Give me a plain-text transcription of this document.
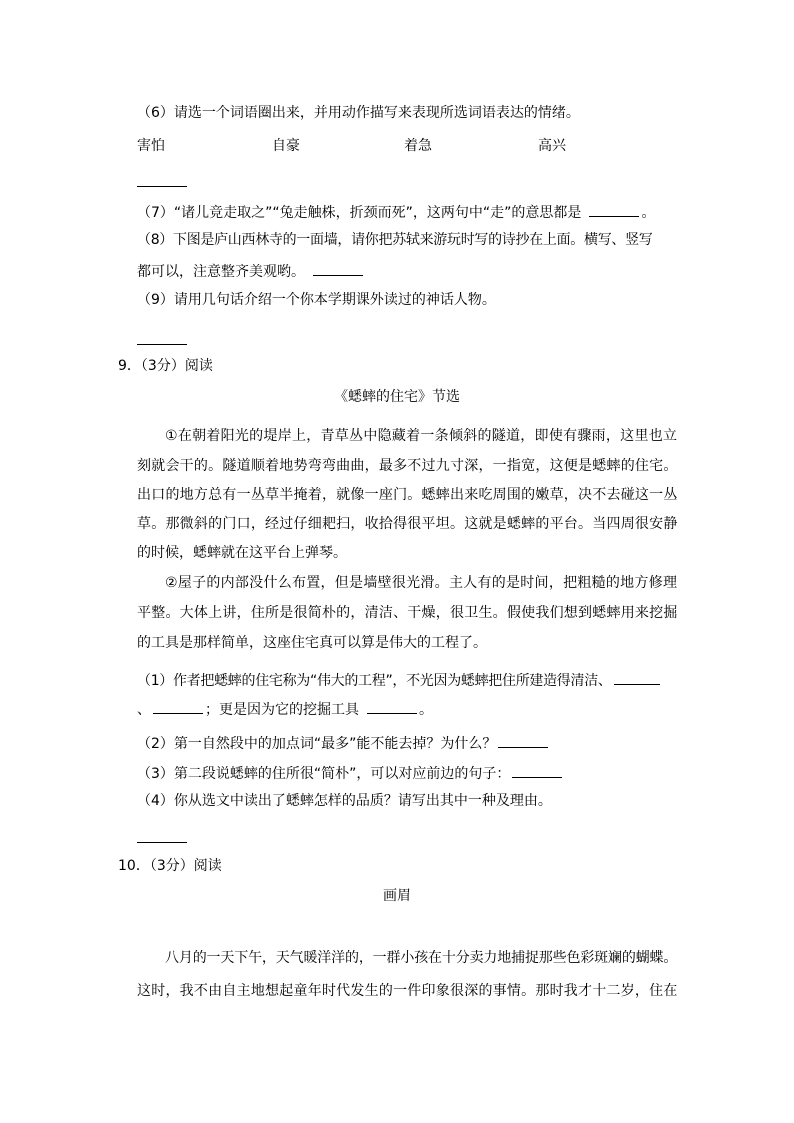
（6）请选一个词语圈出来，并用动作描写来表现所选词语表达的情绪。
害怕	自豪	着急	高兴
（7）“诸儿竞走取之”“兔走触株，折颈而死”，这两句中“走”的意思都是	。
（8）下图是庐山西林寺的一面墙，请你把苏轼来游玩时写的诗抄在上面。横写、竖写
都可以，注意整齐美观哟。
（9）请用几句话介绍一个你本学期课外读过的神话人物。
9．（3分）阅读
《蟋蟀的住宅》节选
①在朝着阳光的堤岸上，青草丛中隐藏着一条倾斜的隧道，即使有骤雨，这里也立
刻就会干的。隧道顺着地势弯弯曲曲，最多不过九寸深，一指宽，这便是蟋蟀的住宅。
出口的地方总有一丛草半掩着，就像一座门。蟋蟀出来吃周围的嫩草，决不去碰这一丛
草。那微斜的门口，经过仔细耙扫，收拾得很平坦。这就是蟋蟀的平台。当四周很安静
的时候，蟋蟀就在这平台上弹琴。
②屋子的内部没什么布置，但是墙壁很光滑。主人有的是时间，把粗糙的地方修理
平整。大体上讲，住所是很简朴的，清洁、干燥，很卫生。假使我们想到蟋蟀用来挖掘
的工具是那样简单，这座住宅真可以算是伟大的工程了。
（1）作者把蟋蟀的住宅称为“伟大的工程”，不光因为蟋蟀把住所建造得清洁、
、	；更是因为它的挖掘工具	。
（2）第一自然段中的加点词“最多”能不能去掉？为什么？
（3）第二段说蟋蟀的住所很“简朴”，可以对应前边的句子：
（4）你从选文中读出了蟋蟀怎样的品质？请写出其中一种及理由。
10．（3分）阅读
画眉
八月的一天下午，天气暖洋洋的，一群小孩在十分卖力地捕捉那些色彩斑斓的蝴蝶。
这时，我不由自主地想起童年时代发生的一件印象很深的事情。那时我才十二岁，住在
